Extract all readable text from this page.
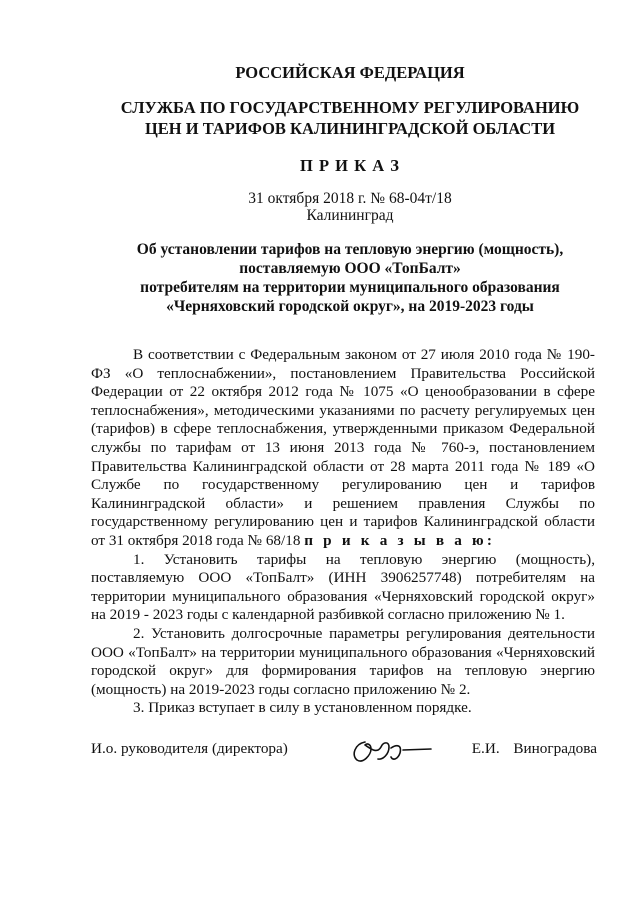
РОССИЙСКАЯ ФЕДЕРАЦИЯ
СЛУЖБА ПО ГОСУДАРСТВЕННОМУ РЕГУЛИРОВАНИЮ
ЦЕН И ТАРИФОВ КАЛИНИНГРАДСКОЙ ОБЛАСТИ
П Р И К А З
31 октября 2018 г. № 68-04т/18
Калининград
Об установлении тарифов на тепловую энергию (мощность),
поставляемую ООО «ТопБалт»
потребителям на территории муниципального образования
«Черняховский городской округ», на 2019-2023 годы

В соответствии с Федеральным законом от 27 июля 2010 года № 190-ФЗ «О теплоснабжении», постановлением Правительства Российской Федерации от 22 октября 2012 года № 1075 «О ценообразовании в сфере теплоснабжения», методическими указаниями по расчету регулируемых цен (тарифов) в сфере теплоснабжения, утвержденными приказом Федеральной службы по тарифам от 13 июня 2013 года № 760-э, постановлением Правительства Калининградской области от 28 марта 2011 года № 189 «О Службе по государственному регулированию цен и тарифов Калининградской области» и решением правления Службы по государственному регулированию цен и тарифов Калининградской области от 31 октября 2018 года № 68/18 п р и к а з ы в а ю:

1. Установить тарифы на тепловую энергию (мощность), поставляемую ООО «ТопБалт» (ИНН 3906257748) потребителям на территории муниципального образования «Черняховский городской округ» на 2019 - 2023 годы с календарной разбивкой согласно приложению № 1.

2. Установить долгосрочные параметры регулирования деятельности ООО «ТопБалт» на территории муниципального образования «Черняховский городской округ» для формирования тарифов на тепловую энергию (мощность) на 2019-2023 годы согласно приложению № 2.

3. Приказ вступает в силу в установленном порядке.

И.о. руководителя (директора)	Е.И. Виноградова
